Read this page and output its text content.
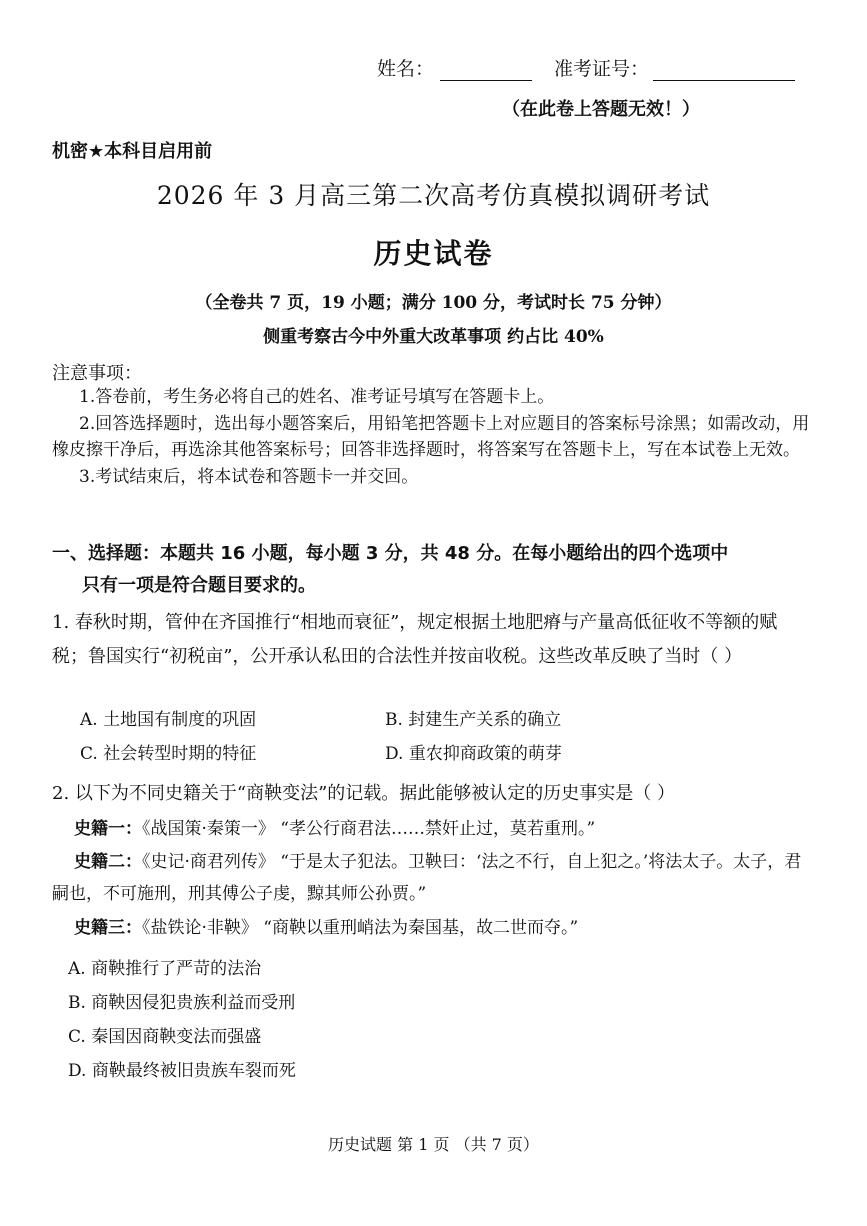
姓名：	准考证号：
（在此卷上答题无效！）
机密★本科目启用前
2026 年 3 月高三第二次高考仿真模拟调研考试
历史试卷
（全卷共 7 页，19 小题；满分 100 分，考试时长 75 分钟）
侧重考察古今中外重大改革事项 约占比 40%
注意事项：

1.答卷前，考生务必将自己的姓名、准考证号填写在答题卡上。

2.回答选择题时，选出每小题答案后，用铅笔把答题卡上对应题目的答案标号涂黑；如需改动，用橡皮擦干净后，再选涂其他答案标号；回答非选择题时，将答案写在答题卡上，写在本试卷上无效。

3.考试结束后，将本试卷和答题卡一并交回。

一、选择题：本题共 16 小题，每小题 3 分，共 48 分。在每小题给出的四个选项中
只有一项是符合题目要求的。
1. 春秋时期，管仲在齐国推行“相地而衰征”，规定根据土地肥瘠与产量高低征收不等额的赋税；鲁国实行“初税亩”，公开承认私田的合法性并按亩收税。这些改革反映了当时（ ）
A. 土地国有制度的巩固	B. 封建生产关系的确立
C. 社会转型时期的特征	D. 重农抑商政策的萌芽
2. 以下为不同史籍关于“商鞅变法”的记载。据此能够被认定的历史事实是（ ）
史籍一：《战国策·秦策一》 “孝公行商君法……禁奸止过，莫若重刑。”
史籍二：《史记·商君列传》 “于是太子犯法。卫鞅曰：‘法之不行，自上犯之。’将法太子。太子，君嗣也，不可施刑，刑其傅公子虔，黥其师公孙贾。”
史籍三：《盐铁论·非鞅》 “商鞅以重刑峭法为秦国基，故二世而夺。”
A. 商鞅推行了严苛的法治
B. 商鞅因侵犯贵族利益而受刑
C. 秦国因商鞅变法而强盛
D. 商鞅最终被旧贵族车裂而死
历史试题 第 1 页 （共 7 页）
